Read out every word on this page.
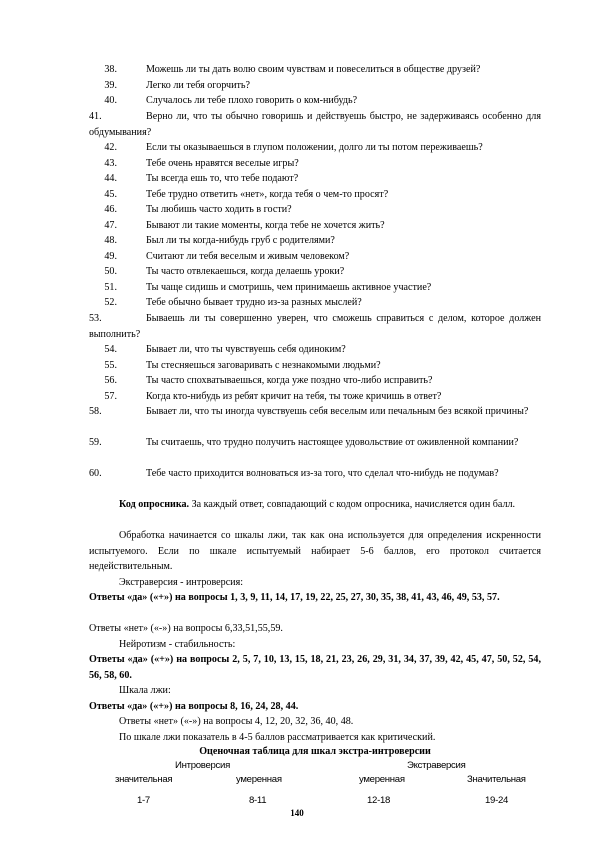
38.	Можешь ли ты дать волю своим чувствам и повеселиться в обществе друзей?
39.	Легко ли тебя огорчить?
40.	Случалось ли тебе плохо говорить о ком-нибудь?
41.	Верно ли, что ты обычно говоришь и действуешь быстро, не задерживаясь особенно для обдумывания?
42.	Если ты оказываешься в глупом положении, долго ли ты потом переживаешь?
43.	Тебе очень нравятся веселые игры?
44.	Ты всегда ешь то, что тебе подают?
45.	Тебе трудно ответить «нет», когда тебя о чем-то просят?
46.	Ты любишь часто ходить в гости?
47.	Бывают ли такие моменты, когда тебе не хочется жить?
48.	Был ли ты когда-нибудь груб с родителями?
49.	Считают ли тебя веселым и живым человеком?
50.	Ты часто отвлекаешься, когда делаешь уроки?
51.	Ты чаще сидишь и смотришь, чем принимаешь активное участие?
52.	Тебе обычно бывает трудно из-за разных мыслей?
53.	Бываешь ли ты совершенно уверен, что сможешь справиться с делом, которое должен выполнить?
54.	Бывает ли, что ты чувствуешь себя одиноким?
55.	Ты стесняешься заговаривать с незнакомыми людьми?
56.	Ты часто спохватываешься, когда уже поздно что-либо исправить?
57.	Когда кто-нибудь из ребят кричит на тебя, ты тоже кричишь в ответ?
58.	Бывает ли, что ты иногда чувствуешь себя веселым или печальным без всякой причины?
59.	Ты считаешь, что трудно получить настоящее удовольствие от оживленной компании?
60.	Тебе часто приходится волноваться из-за того, что сделал что-нибудь не подумав?
Код опросника. За каждый ответ, совпадающий с кодом опросника, начисляется один балл.
Обработка начинается со шкалы лжи, так как она используется для определения искренности испытуемого. Если по шкале испытуемый набирает 5-6 баллов, его протокол считается недействительным.
Экстраверсия - интроверсия:
Ответы «да» («+») на вопросы 1, 3, 9, 11, 14, 17, 19, 22, 25, 27, 30, 35, 38, 41, 43, 46, 49, 53, 57.
Ответы «нет» («-») на вопросы 6,33,51,55,59.
Нейротизм - стабильность:
Ответы «да» («+») на вопросы 2, 5, 7, 10, 13, 15, 18, 21, 23, 26, 29, 31, 34, 37, 39, 42, 45, 47, 50, 52, 54, 56, 58, 60.
Шкала лжи:
Ответы «да» («+») на вопросы 8, 16, 24, 28, 44.
Ответы «нет» («-») на вопросы 4, 12, 20, 32, 36, 40, 48.
По шкале лжи показатель в 4-5 баллов рассматривается как критический.
Оценочная таблица для шкал экстра-интроверсии
Интроверсия	Экстраверсия
значительная	умеренная	умеренная	Значительная
1-7	8-11	12-18	19-24
140
